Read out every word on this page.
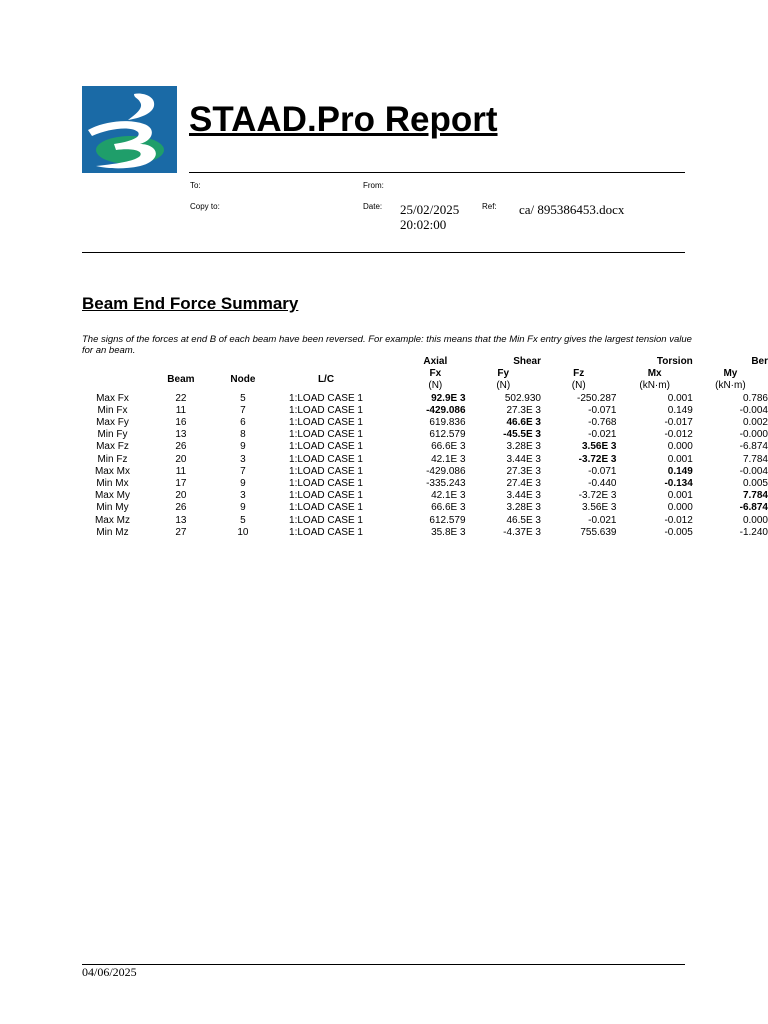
STAAD.Pro Report
To:	From:
Copy to:	Date: 25/02/2025
20:02:00
Ref: ca/ 895386453.docx
Beam End Force Summary
The signs of the forces at end B of each beam have been reversed. For example: this means that the Min Fx entry gives the largest tension value for an beam.
				Axial	Shear		Torsion	Ber
	Beam	Node	L/C	Fx	Fy	Fz	Mx	My
				(N)	(N)	(N)	(kN·m)	(kN·m)
Max Fx	22	5	1:LOAD CASE 1	92.9E 3	502.930	-250.287	0.001	0.786
Min Fx	11	7	1:LOAD CASE 1	-429.086	27.3E 3	-0.071	0.149	-0.004
Max Fy	16	6	1:LOAD CASE 1	619.836	46.6E 3	-0.768	-0.017	0.002
Min Fy	13	8	1:LOAD CASE 1	612.579	-45.5E 3	-0.021	-0.012	-0.000
Max Fz	26	9	1:LOAD CASE 1	66.6E 3	3.28E 3	3.56E 3	0.000	-6.874
Min Fz	20	3	1:LOAD CASE 1	42.1E 3	3.44E 3	-3.72E 3	0.001	7.784
Max Mx	11	7	1:LOAD CASE 1	-429.086	27.3E 3	-0.071	0.149	-0.004
Min Mx	17	9	1:LOAD CASE 1	-335.243	27.4E 3	-0.440	-0.134	0.005
Max My	20	3	1:LOAD CASE 1	42.1E 3	3.44E 3	-3.72E 3	0.001	7.784
Min My	26	9	1:LOAD CASE 1	66.6E 3	3.28E 3	3.56E 3	0.000	-6.874
Max Mz	13	5	1:LOAD CASE 1	612.579	46.5E 3	-0.021	-0.012	0.000
Min Mz	27	10	1:LOAD CASE 1	35.8E 3	-4.37E 3	755.639	-0.005	-1.240
04/06/2025
